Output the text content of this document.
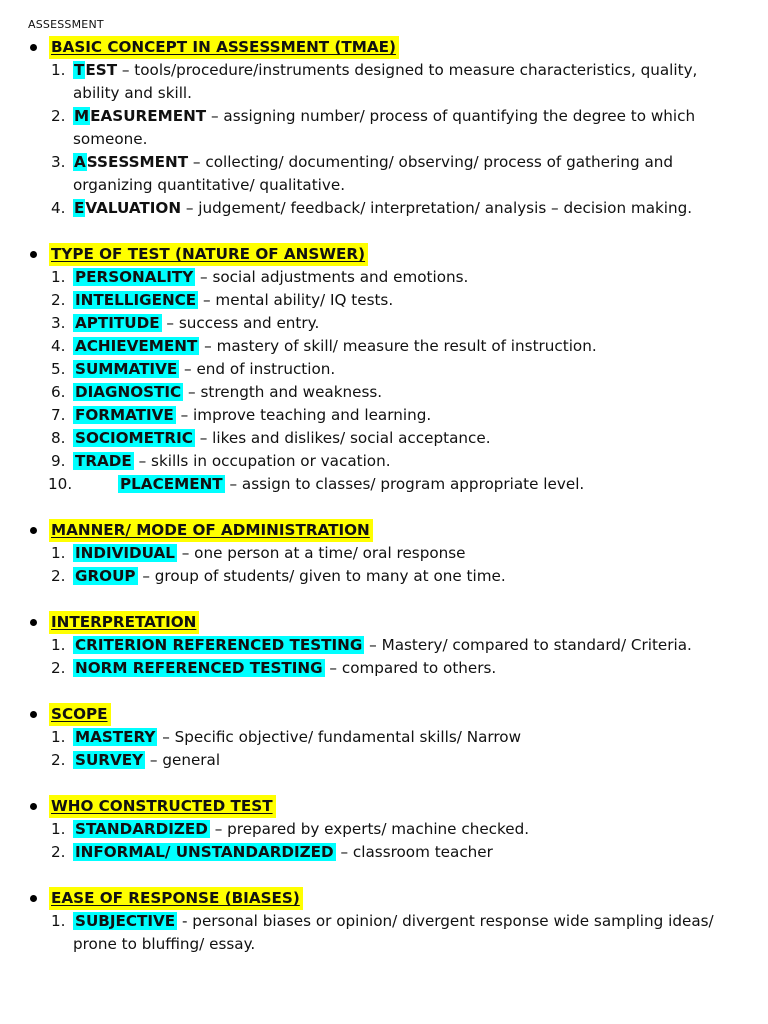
ASSESSMENT
BASIC CONCEPT IN ASSESSMENT (TMAE)
1. TEST – tools/procedure/instruments designed to measure characteristics, quality, ability and skill.
2. MEASUREMENT – assigning number/ process of quantifying the degree to which someone.
3. ASSESSMENT – collecting/ documenting/ observing/ process of gathering and organizing quantitative/ qualitative.
4. EVALUATION – judgement/ feedback/ interpretation/ analysis – decision making.
TYPE OF TEST (NATURE OF ANSWER)
1. PERSONALITY – social adjustments and emotions.
2. INTELLIGENCE – mental ability/ IQ tests.
3. APTITUDE – success and entry.
4. ACHIEVEMENT – mastery of skill/ measure the result of instruction.
5. SUMMATIVE – end of instruction.
6. DIAGNOSTIC – strength and weakness.
7. FORMATIVE – improve teaching and learning.
8. SOCIOMETRIC – likes and dislikes/ social acceptance.
9. TRADE – skills in occupation or vacation.
10.	PLACEMENT – assign to classes/ program appropriate level.
MANNER/ MODE OF ADMINISTRATION
1. INDIVIDUAL – one person at a time/ oral response
2. GROUP – group of students/ given to many at one time.
INTERPRETATION
1. CRITERION REFERENCED TESTING – Mastery/ compared to standard/ Criteria.
2. NORM REFERENCED TESTING – compared to others.
SCOPE
1. MASTERY – Specific objective/ fundamental skills/ Narrow
2. SURVEY – general
WHO CONSTRUCTED TEST
1. STANDARDIZED – prepared by experts/ machine checked.
2. INFORMAL/ UNSTANDARDIZED – classroom teacher
EASE OF RESPONSE (BIASES)
1. SUBJECTIVE - personal biases or opinion/ divergent response wide sampling ideas/ prone to bluffing/ essay.
